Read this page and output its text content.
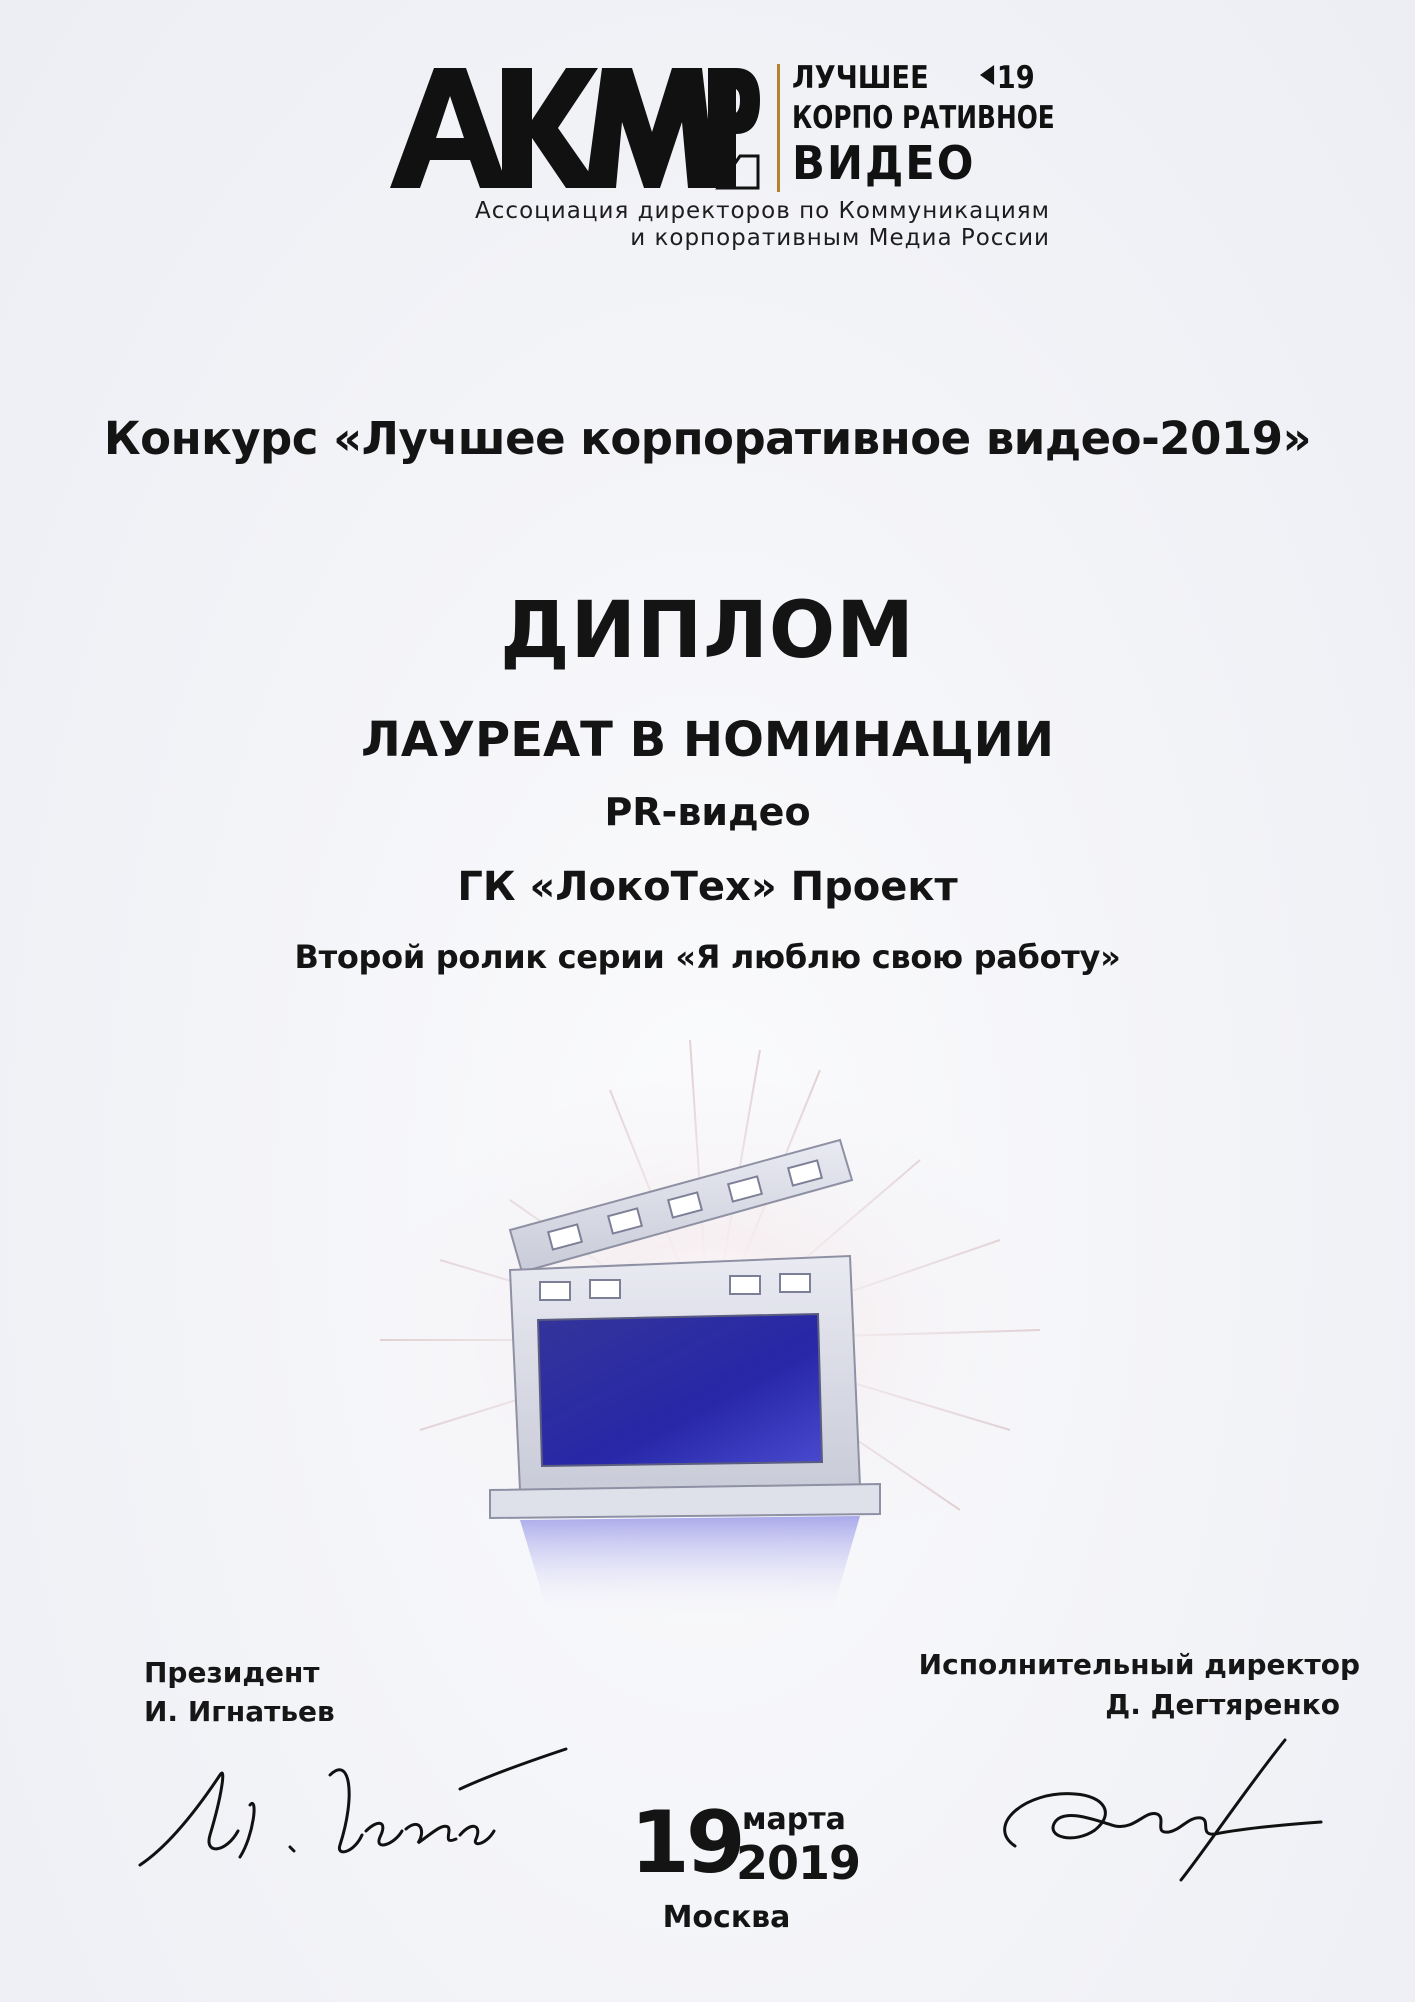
ЛУЧШЕЕ	19
КОРПО РАТИВНОЕ
ВИДЕО
Ассоциация директоров по Коммуникациям
и корпоративным Медиа России
Конкурс «Лучшее корпоративное видео-2019»
ДИПЛОМ
ЛАУРЕАТ В НОМИНАЦИИ
PR-видео
ГК «ЛокоТех» Проект
Второй ролик серии «Я люблю свою работу»
Президент
И. Игнатьев
Исполнительный директор
Д. Дегтяренко
19 марта
2019
Москва
